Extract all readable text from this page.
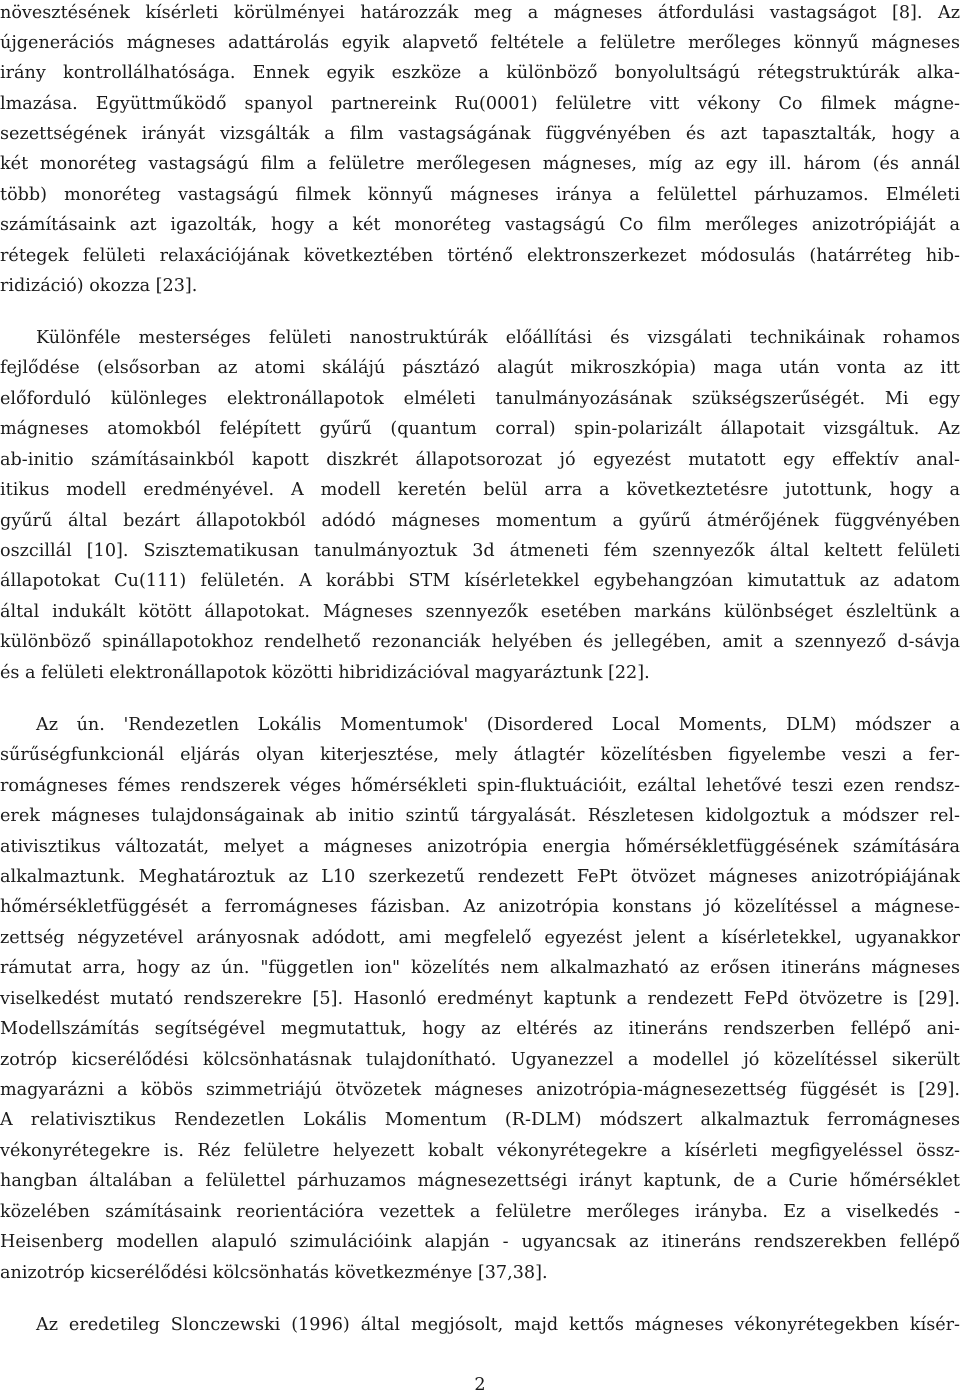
növesztésének kísérleti körülményei határozzák meg a mágneses átfordulási vastagságot [8]. Az
újgenerációs mágneses adattárolás egyik alapvető feltétele a felületre merőleges könnyű mágneses
irány kontrollálhatósága. Ennek egyik eszköze a különböző bonyolultságú rétegstruktúrák alka-
lmazása. Együttműködő spanyol partnereink Ru(0001) felületre vitt vékony Co filmek mágne-
sezettségének irányát vizsgálták a film vastagságának függvényében és azt tapasztalták, hogy a
két monoréteg vastagságú film a felületre merőlegesen mágneses, míg az egy ill. három (és annál
több) monoréteg vastagságú filmek könnyű mágneses iránya a felülettel párhuzamos. Elméleti
számításaink azt igazolták, hogy a két monoréteg vastagságú Co film merőleges anizotrópiáját a
rétegek felületi relaxációjának következtében történő elektronszerkezet módosulás (határréteg hib-
ridizáció) okozza [23].
Különféle mesterséges felületi nanostruktúrák előállítási és vizsgálati technikáinak rohamos
fejlődése (elsősorban az atomi skálájú pásztázó alagút mikroszkópia) maga után vonta az itt
előforduló különleges elektronállapotok elméleti tanulmányozásának szükségszerűségét. Mi egy
mágneses atomokból felépített gyűrű (quantum corral) spin-polarizált állapotait vizsgáltuk. Az
ab-initio számításainkból kapott diszkrét állapotsorozat jó egyezést mutatott egy effektív anal-
itikus modell eredményével. A modell keretén belül arra a következtetésre jutottunk, hogy a
gyűrű által bezárt állapotokból adódó mágneses momentum a gyűrű átmérőjének függvényében
oszcillál [10]. Szisztematikusan tanulmányoztuk 3d átmeneti fém szennyezők által keltett felületi
állapotokat Cu(111) felületén. A korábbi STM kísérletekkel egybehangzóan kimutattuk az adatom
által indukált kötött állapotokat. Mágneses szennyezők esetében markáns különbséget észleltünk a
különböző spinállapotokhoz rendelhető rezonanciák helyében és jellegében, amit a szennyező d-sávja
és a felületi elektronállapotok közötti hibridizációval magyaráztunk [22].
Az ún. 'Rendezetlen Lokális Momentumok' (Disordered Local Moments, DLM) módszer a
sűrűségfunkcionál eljárás olyan kiterjesztése, mely átlagtér közelítésben figyelembe veszi a fer-
romágneses fémes rendszerek véges hőmérsékleti spin-fluktuációit, ezáltal lehetővé teszi ezen rendsz-
erek mágneses tulajdonságainak ab initio szintű tárgyalását. Részletesen kidolgoztuk a módszer rel-
ativisztikus változatát, melyet a mágneses anizotrópia energia hőmérsékletfüggésének számítására
alkalmaztunk. Meghatároztuk az L10 szerkezetű rendezett FePt ötvözet mágneses anizotrópiájának
hőmérsékletfüggését a ferromágneses fázisban. Az anizotrópia konstans jó közelítéssel a mágnese-
zettség négyzetével arányosnak adódott, ami megfelelő egyezést jelent a kísérletekkel, ugyanakkor
rámutat arra, hogy az ún. "független ion" közelítés nem alkalmazható az erősen itineráns mágneses
viselkedést mutató rendszerekre [5]. Hasonló eredményt kaptunk a rendezett FePd ötvözetre is [29].
Modellszámítás segítségével megmutattuk, hogy az eltérés az itineráns rendszerben fellépő ani-
zotróp kicserélődési kölcsönhatásnak tulajdonítható. Ugyanezzel a modellel jó közelítéssel sikerült
magyarázni a köbös szimmetriájú ötvözetek mágneses anizotrópia-mágnesezettség függését is [29].
A relativisztikus Rendezetlen Lokális Momentum (R-DLM) módszert alkalmaztuk ferromágneses
vékonyrétegekre is. Réz felületre helyezett kobalt vékonyrétegekre a kísérleti megfigyeléssel össz-
hangban általában a felülettel párhuzamos mágnesezettségi irányt kaptunk, de a Curie hőmérséklet
közelében számításaink reorientációra vezettek a felületre merőleges irányba. Ez a viselkedés -
Heisenberg modellen alapuló szimulációink alapján - ugyancsak az itineráns rendszerekben fellépő
anizotróp kicserélődési kölcsönhatás következménye [37,38].
Az eredetileg Slonczewski (1996) által megjósolt, majd kettős mágneses vékonyrétegekben kísér-
2
